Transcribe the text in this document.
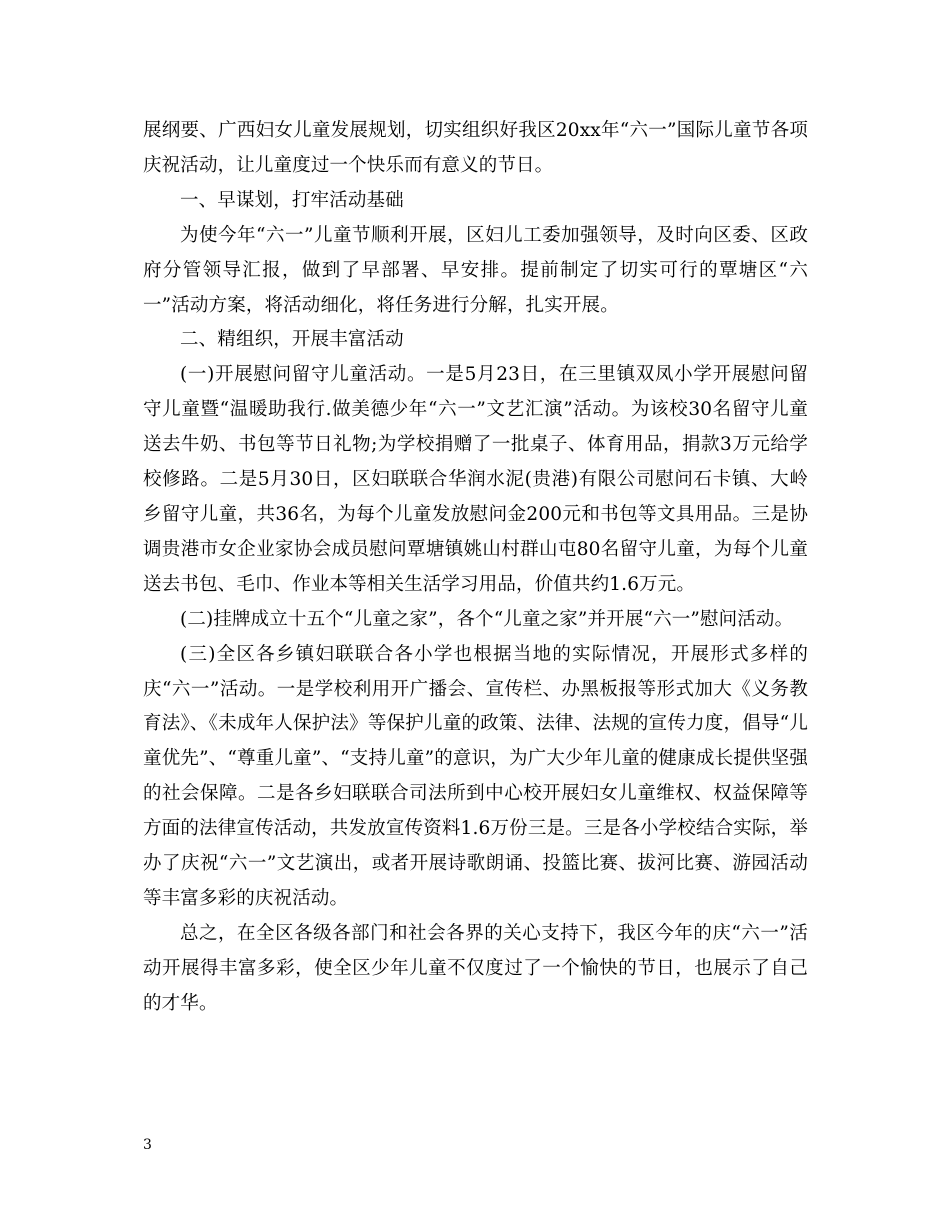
展纲要、广西妇女儿童发展规划，切实组织好我区20xx年“六一”国际儿童节各项庆祝活动，让儿童度过一个快乐而有意义的节日。

一、早谋划，打牢活动基础

为使今年“六一”儿童节顺利开展，区妇儿工委加强领导，及时向区委、区政府分管领导汇报，做到了早部署、早安排。提前制定了切实可行的覃塘区“六一”活动方案，将活动细化，将任务进行分解，扎实开展。

二、精组织，开展丰富活动

(一)开展慰问留守儿童活动。一是5月23日，在三里镇双凤小学开展慰问留守儿童暨“温暖助我行.做美德少年“六一”文艺汇演”活动。为该校30名留守儿童送去牛奶、书包等节日礼物;为学校捐赠了一批桌子、体育用品，捐款3万元给学校修路。二是5月30日，区妇联联合华润水泥(贵港)有限公司慰问石卡镇、大岭乡留守儿童，共36名，为每个儿童发放慰问金200元和书包等文具用品。三是协调贵港市女企业家协会成员慰问覃塘镇姚山村群山屯80名留守儿童，为每个儿童送去书包、毛巾、作业本等相关生活学习用品，价值共约1.6万元。

(二)挂牌成立十五个“儿童之家”，各个“儿童之家”并开展“六一”慰问活动。

(三)全区各乡镇妇联联合各小学也根据当地的实际情况，开展形式多样的庆“六一”活动。一是学校利用开广播会、宣传栏、办黑板报等形式加大《义务教育法》、《未成年人保护法》等保护儿童的政策、法律、法规的宣传力度，倡导“儿童优先”、“尊重儿童”、“支持儿童”的意识，为广大少年儿童的健康成长提供坚强的社会保障。二是各乡妇联联合司法所到中心校开展妇女儿童维权、权益保障等方面的法律宣传活动，共发放宣传资料1.6万份三是。三是各小学校结合实际，举办了庆祝“六一”文艺演出，或者开展诗歌朗诵、投篮比赛、拔河比赛、游园活动等丰富多彩的庆祝活动。

总之，在全区各级各部门和社会各界的关心支持下，我区今年的庆“六一”活动开展得丰富多彩，使全区少年儿童不仅度过了一个愉快的节日，也展示了自己的才华。

3
